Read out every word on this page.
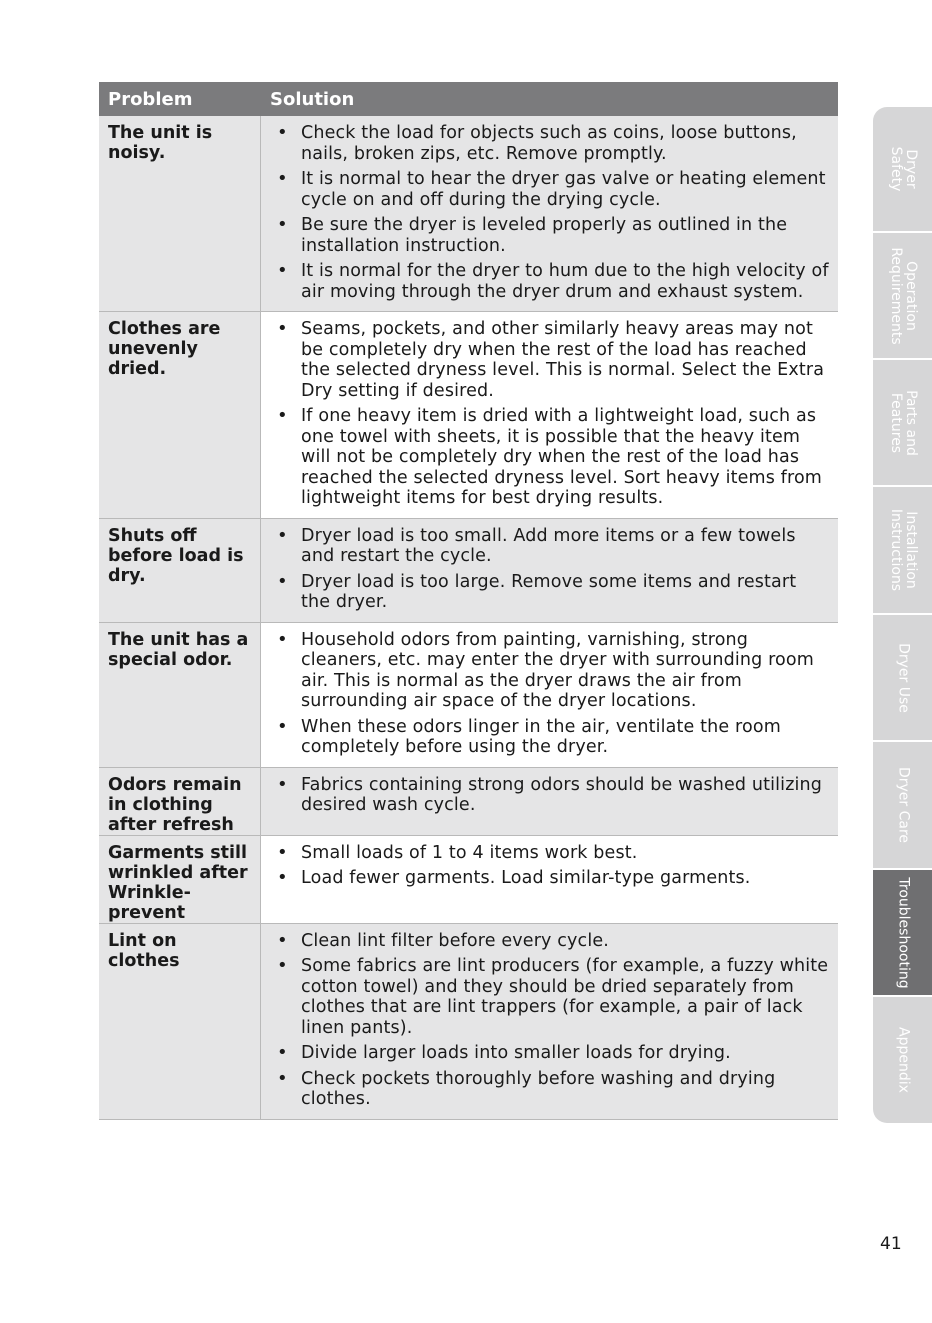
Problem	Solution
The unit is noisy.
• Check the load for objects such as coins, loose buttons, nails, broken zips, etc. Remove promptly.
• It is normal to hear the dryer gas valve or heating element cycle on and off during the drying cycle.
• Be sure the dryer is leveled properly as outlined in the installation instruction.
• It is normal for the dryer to hum due to the high velocity of air moving through the dryer drum and exhaust system.
Clothes are unevenly dried.
• Seams, pockets, and other similarly heavy areas may not be completely dry when the rest of the load has reached the selected dryness level. This is normal. Select the Extra Dry setting if desired.
• If one heavy item is dried with a lightweight load, such as one towel with sheets, it is possible that the heavy item will not be completely dry when the rest of the load has reached the selected dryness level. Sort heavy items from lightweight items for best drying results.
Shuts off before load is dry.
• Dryer load is too small. Add more items or a few towels and restart the cycle.
• Dryer load is too large. Remove some items and restart the dryer.
The unit has a special odor.
• Household odors from painting, varnishing, strong cleaners, etc. may enter the dryer with surrounding room air. This is normal as the dryer draws the air from surrounding air space of the dryer locations.
• When these odors linger in the air, ventilate the room completely before using the dryer.
Odors remain in clothing after refresh
• Fabrics containing strong odors should be washed utilizing desired wash cycle.
Garments still wrinkled after Wrinkle-prevent
• Small loads of 1 to 4 items work best.
• Load fewer garments. Load similar-type garments.
Lint on clothes
• Clean lint filter before every cycle.
• Some fabrics are lint producers (for example, a fuzzy white cotton towel) and they should be dried separately from clothes that are lint trappers (for example, a pair of lack linen pants).
• Divide larger loads into smaller loads for drying.
• Check pockets thoroughly before washing and drying clothes.
Dryer
Safety
Operation
Requirements
Parts and
Features
Installation
Instructions
Dryer Use
Dryer Care
Troubleshooting
Appendix
41
